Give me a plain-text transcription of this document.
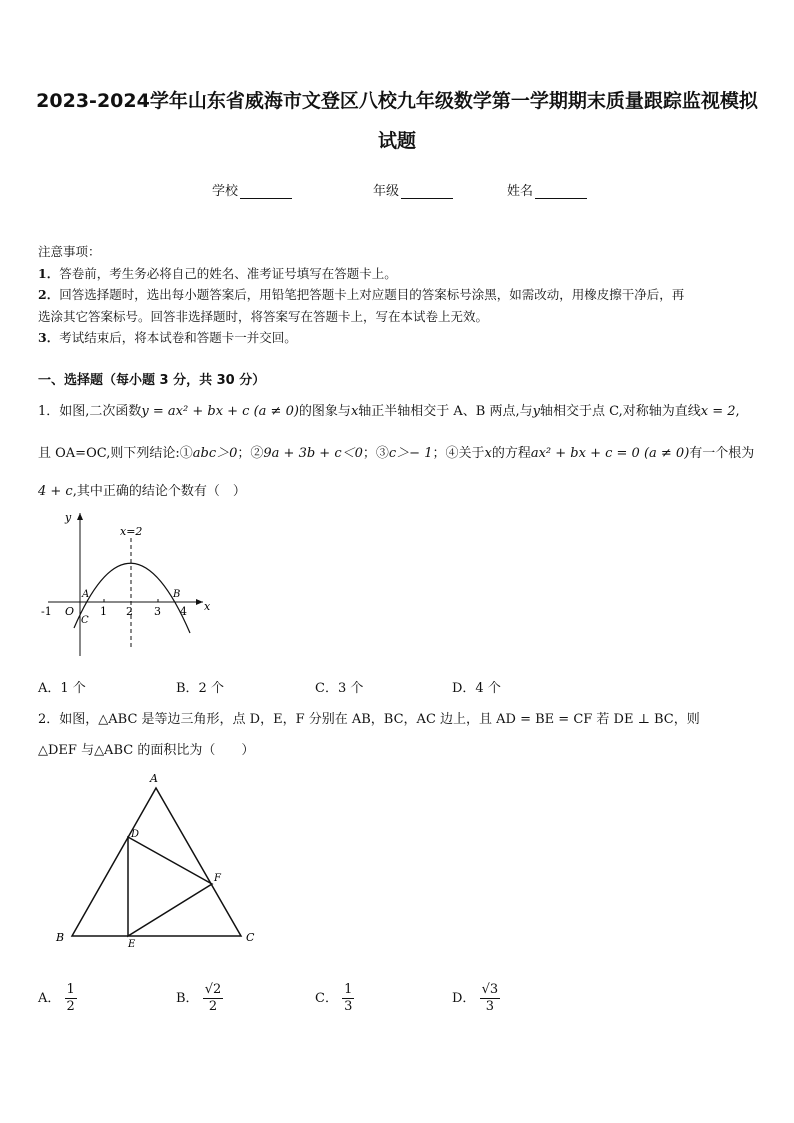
2023-2024学年山东省威海市文登区八校九年级数学第一学期期末质量跟踪监视模拟
试题
学校	年级	姓名

注意事项：

1．答卷前，考生务必将自己的姓名、准考证号填写在答题卡上。

2．回答选择题时，选出每小题答案后，用铅笔把答题卡上对应题目的答案标号涂黑，如需改动，用橡皮擦干净后，再

选涂其它答案标号。回答非选择题时，将答案写在答题卡上，写在本试卷上无效。

3．考试结束后，将本试卷和答题卡一并交回。

一、选择题（每小题 3 分，共 30 分）
1．如图,二次函数y = ax² + bx + c (a ≠ 0)的图象与x轴正半轴相交于 A、B 两点,与y轴相交于点 C,对称轴为直线x = 2,
且 OA=OC,则下列结论:①abc＞0；②9a + 3b + c＜0；③c＞− 1；④关于x的方程ax² + bx + c = 0 (a ≠ 0)有一个根为
4 + c,其中正确的结论个数有（　）
x
y
x=2
-1 O 1 2 3 4
A	B
C
A．1 个	B．2 个	C．3 个	D．4 个
2．如图，△ABC 是等边三角形，点 D，E，F 分别在 AB，BC，AC 边上，且 AD = BE = CF 若 DE ⊥ BC，则
△DEF 与△ABC 的面积比为（　　）
A
B	C
D
E
F
A． $\frac{1}{2}$	B． $\frac{√2}{2}$	C． $\frac{1}{3}$	D． $\frac{√3}{3}$
